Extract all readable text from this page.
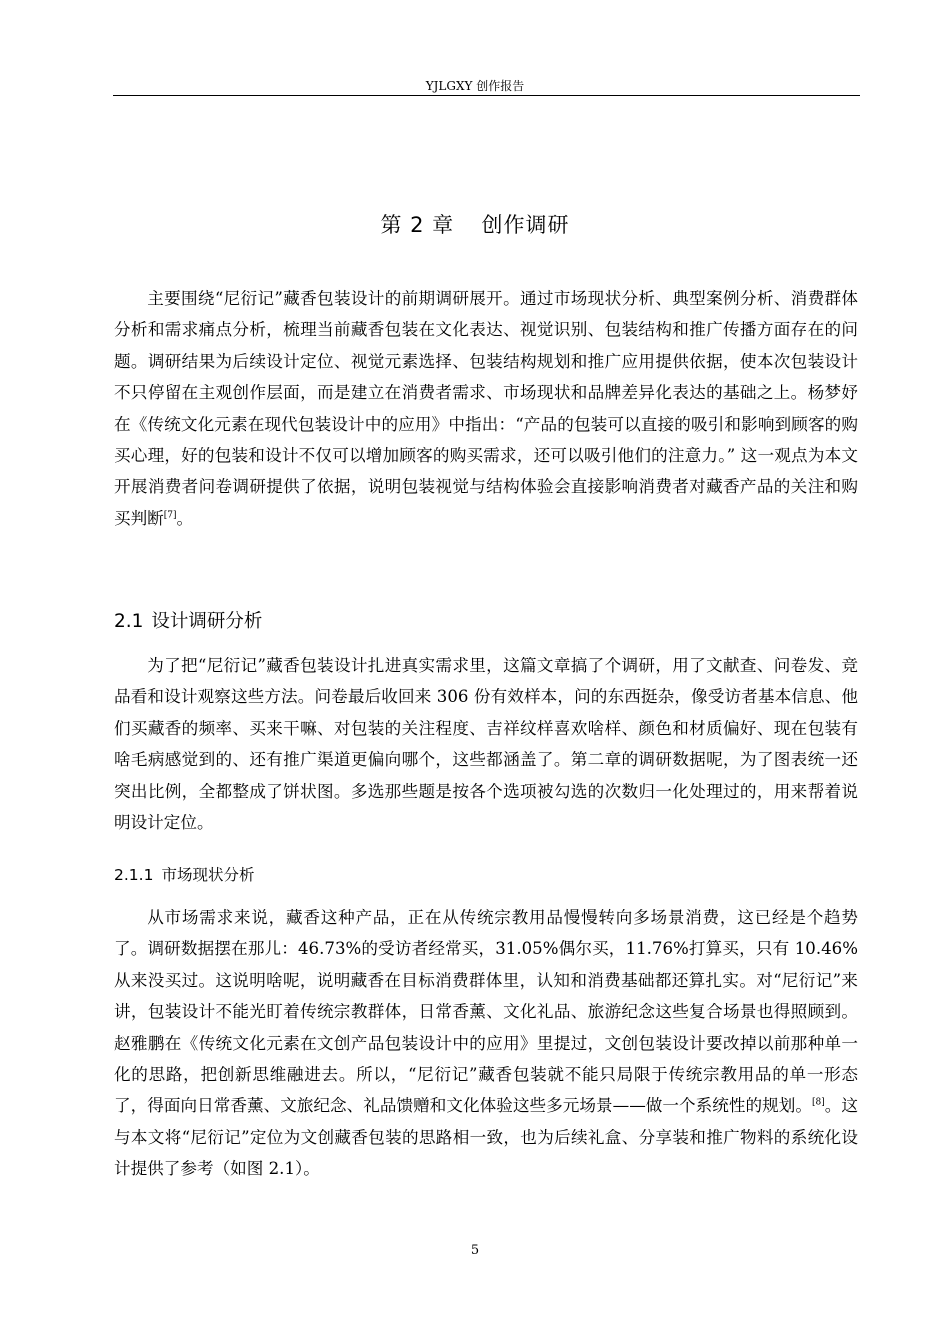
YJLGXY 创作报告
第 2 章 创作调研

主要围绕“尼衍记”藏香包装设计的前期调研展开。通过市场现状分析、典型案例分析、消费群体分析和需求痛点分析，梳理当前藏香包装在文化表达、视觉识别、包装结构和推广传播方面存在的问题。调研结果为后续设计定位、视觉元素选择、包装结构规划和推广应用提供依据，使本次包装设计不只停留在主观创作层面，而是建立在消费者需求、市场现状和品牌差异化表达的基础之上。杨梦妤在《传统文化元素在现代包装设计中的应用》中指出：“产品的包装可以直接的吸引和影响到顾客的购买心理，好的包装和设计不仅可以增加顾客的购买需求，还可以吸引他们的注意力。” 这一观点为本文开展消费者问卷调研提供了依据，说明包装视觉与结构体验会直接影响消费者对藏香产品的关注和购买判断[7]。

2.1 设计调研分析

为了把“尼衍记”藏香包装设计扎进真实需求里，这篇文章搞了个调研，用了文献查、问卷发、竞品看和设计观察这些方法。问卷最后收回来 306 份有效样本，问的东西挺杂，像受访者基本信息、他们买藏香的频率、买来干嘛、对包装的关注程度、吉祥纹样喜欢啥样、颜色和材质偏好、现在包装有啥毛病感觉到的、还有推广渠道更偏向哪个，这些都涵盖了。第二章的调研数据呢，为了图表统一还突出比例，全都整成了饼状图。多选那些题是按各个选项被勾选的次数归一化处理过的，用来帮着说明设计定位。

2.1.1 市场现状分析

从市场需求来说，藏香这种产品，正在从传统宗教用品慢慢转向多场景消费，这已经是个趋势了。调研数据摆在那儿：46.73%的受访者经常买，31.05%偶尔买，11.76%打算买，只有 10.46%从来没买过。这说明啥呢，说明藏香在目标消费群体里，认知和消费基础都还算扎实。对“尼衍记”来讲，包装设计不能光盯着传统宗教群体，日常香薰、文化礼品、旅游纪念这些复合场景也得照顾到。赵雅鹏在《传统文化元素在文创产品包装设计中的应用》里提过，文创包装设计要改掉以前那种单一化的思路，把创新思维融进去。所以，“尼衍记”藏香包装就不能只局限于传统宗教用品的单一形态了，得面向日常香薰、文旅纪念、礼品馈赠和文化体验这些多元场景——做一个系统性的规划。[8]。这与本文将“尼衍记”定位为文创藏香包装的思路相一致，也为后续礼盒、分享装和推广物料的系统化设计提供了参考（如图 2.1）。

5
